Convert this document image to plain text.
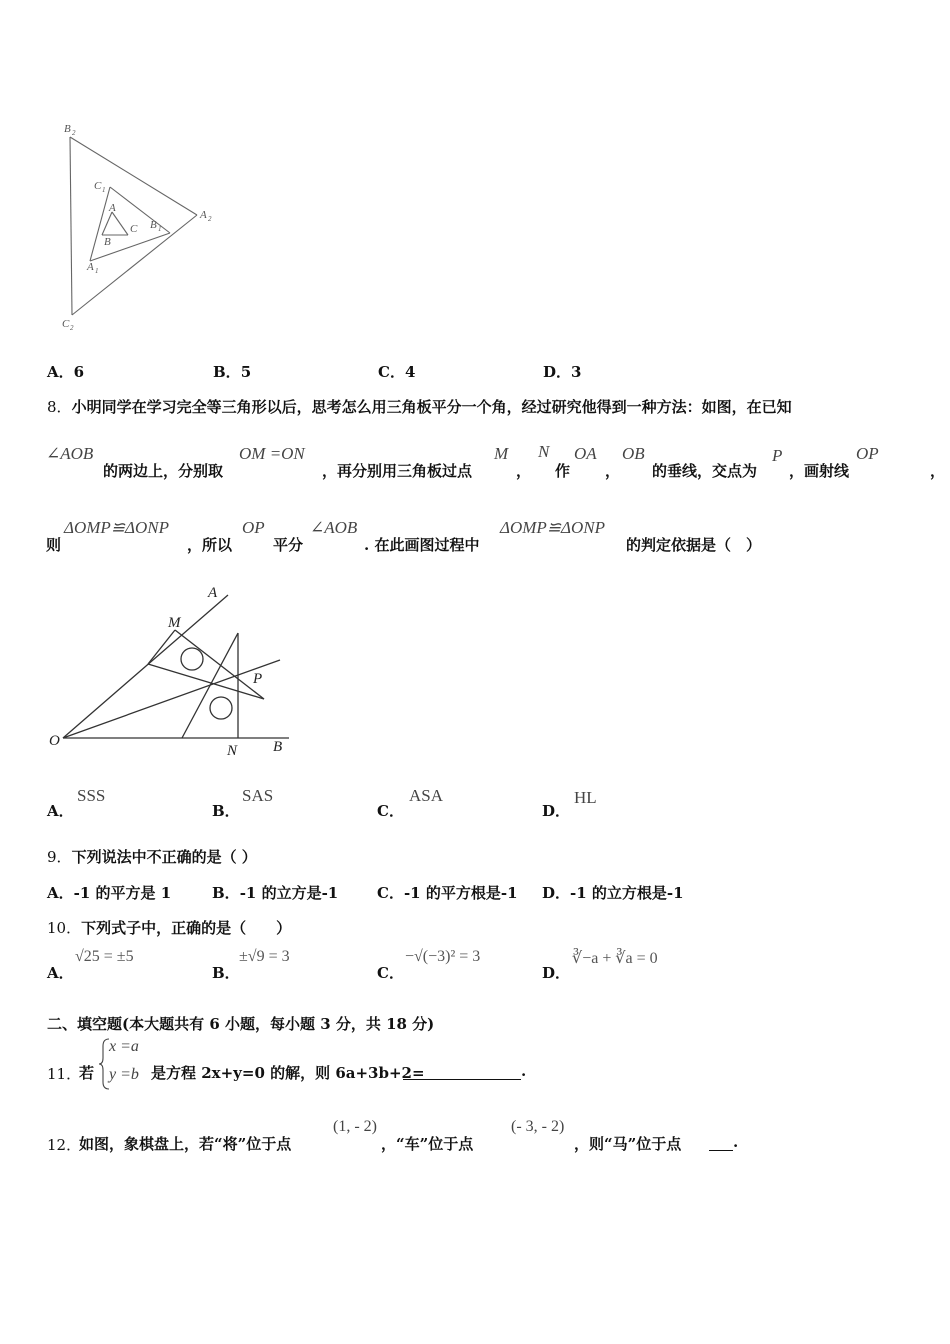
B 2
C 1
A
C B 1
A 2
B
A 1
C 2
A．6	B．5	C．4	D．3
8．小明同学在学习完全等三角形以后，思考怎么用三角板平分一个角，经过研究他得到一种方法：如图，在已知
∠AOB
的两边上，分别取
OM =ON
，再分别用三角板过点
M
，
N
作
OA
，
OB
的垂线，交点为
P
，画射线
OP
，
则
ΔOMP≌ΔONP
，所以
OP
平分
∠AOB
. 在此画图过程中
ΔOMP≌ΔONP
的判定依据是（　）
A
M
P
O
N B
A．
SSS
B．
SAS
C．
ASA
D．
HL
9．下列说法中不正确的是（ ）
A．-1 的平方是 1	B．-1 的立方是-1	C．-1 的平方根是-1 D．-1 的立方根是-1
10．下列式子中，正确的是（　　）
A．
√25 = ±5
B．
±√9 = 3
C．
−√(−3)² = 3
D．
∛−a + ∛a = 0
二、填空题(本大题共有 6 小题，每小题 3 分，共 18 分)
11．
若
x =a
y =b 是方程 2x+y=0 的解，则 6a+3b+2=	.
12．
如图，象棋盘上，若“将”位于点
(1, - 2)
，“车”位于点
(- 3, - 2)
，则“马”位于点	.
